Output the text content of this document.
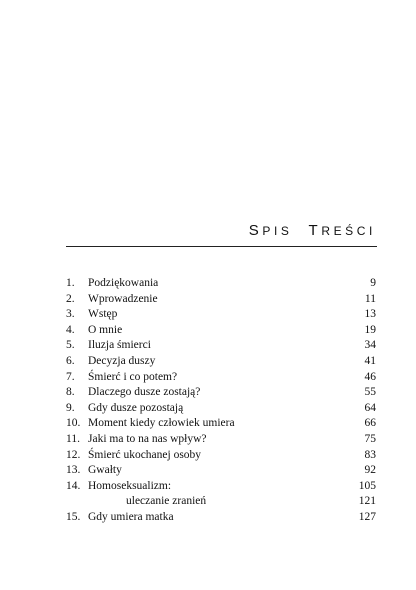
SPIS TREŚCI
1. Podziękowania	9
2. Wprowadzenie	11
3. Wstęp	13
4. O mnie	19
5. Iluzja śmierci	34
6. Decyzja duszy	41
7. Śmierć i co potem?	46
8. Dlaczego dusze zostają?	55
9. Gdy dusze pozostają	64
10. Moment kiedy człowiek umiera	66
11. Jaki ma to na nas wpływ?	75
12. Śmierć ukochanej osoby	83
13. Gwałty	92
14. Homoseksualizm:	105
uleczanie zranień	121
15. Gdy umiera matka	127
